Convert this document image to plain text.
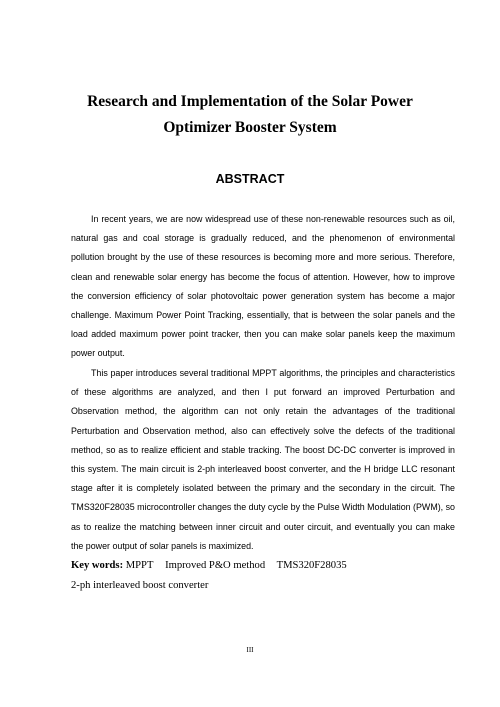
Research and Implementation of the Solar Power
Optimizer Booster System
ABSTRACT

In recent years, we are now widespread use of these non-renewable resources such as oil, natural gas and coal storage is gradually reduced, and the phenomenon of environmental pollution brought by the use of these resources is becoming more and more serious. Therefore, clean and renewable solar energy has become the focus of attention. However, how to improve the conversion efficiency of solar photovoltaic power generation system has become a major challenge. Maximum Power Point Tracking, essentially, that is between the solar panels and the load added maximum power point tracker, then you can make solar panels keep the maximum power output.

This paper introduces several traditional MPPT algorithms, the principles and characteristics of these algorithms are analyzed, and then I put forward an improved Perturbation and Observation method, the algorithm can not only retain the advantages of the traditional Perturbation and Observation method, also can effectively solve the defects of the traditional method, so as to realize efficient and stable tracking. The boost DC-DC converter is improved in this system. The main circuit is 2-ph interleaved boost converter, and the H bridge LLC resonant stage after it is completely isolated between the primary and the secondary in the circuit. The TMS320F28035 microcontroller changes the duty cycle by the Pulse Width Modulation (PWM), so as to realize the matching between inner circuit and outer circuit, and eventually you can make the power output of solar panels is maximized.

Key words: MPPT Improved P&O method TMS320F28035
2-ph interleaved boost converter
III
